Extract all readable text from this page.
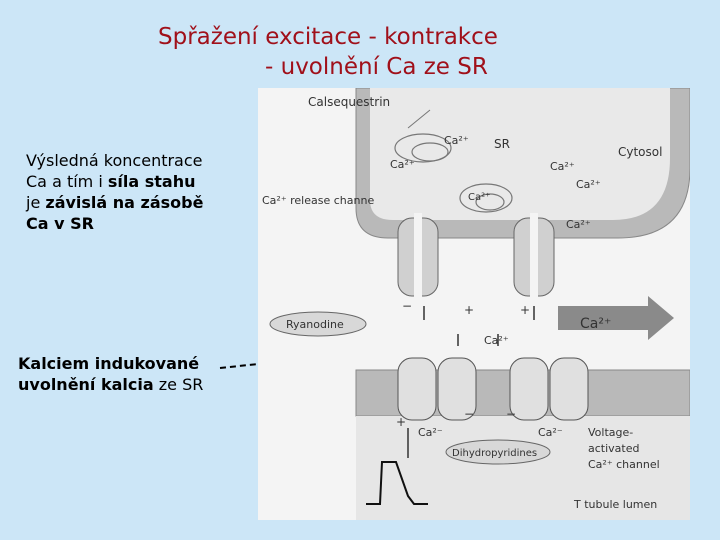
Spřažení excitace - kontrakce
- uvolnění Ca ze SR
Výsledná koncentrace
Ca a tím i síla stahu
je závislá na zásobě
Ca v SR
Kalciem indukované
uvolnění kalcia ze SR
Calsequestrin
SR
Cytosol
Ca²⁺ release channe
Ryanodine	Ca²⁺
Dihydropyridines
Voltage-
activated
Ca²⁺ channel
T tubule lumen
Ca²⁺
Ca²⁺
Ca²⁺
Ca²⁺
Ca²⁺
Ca²⁺
Ca²⁺
Ca²⁻	Ca²⁻
+	+
+
−
−	−
